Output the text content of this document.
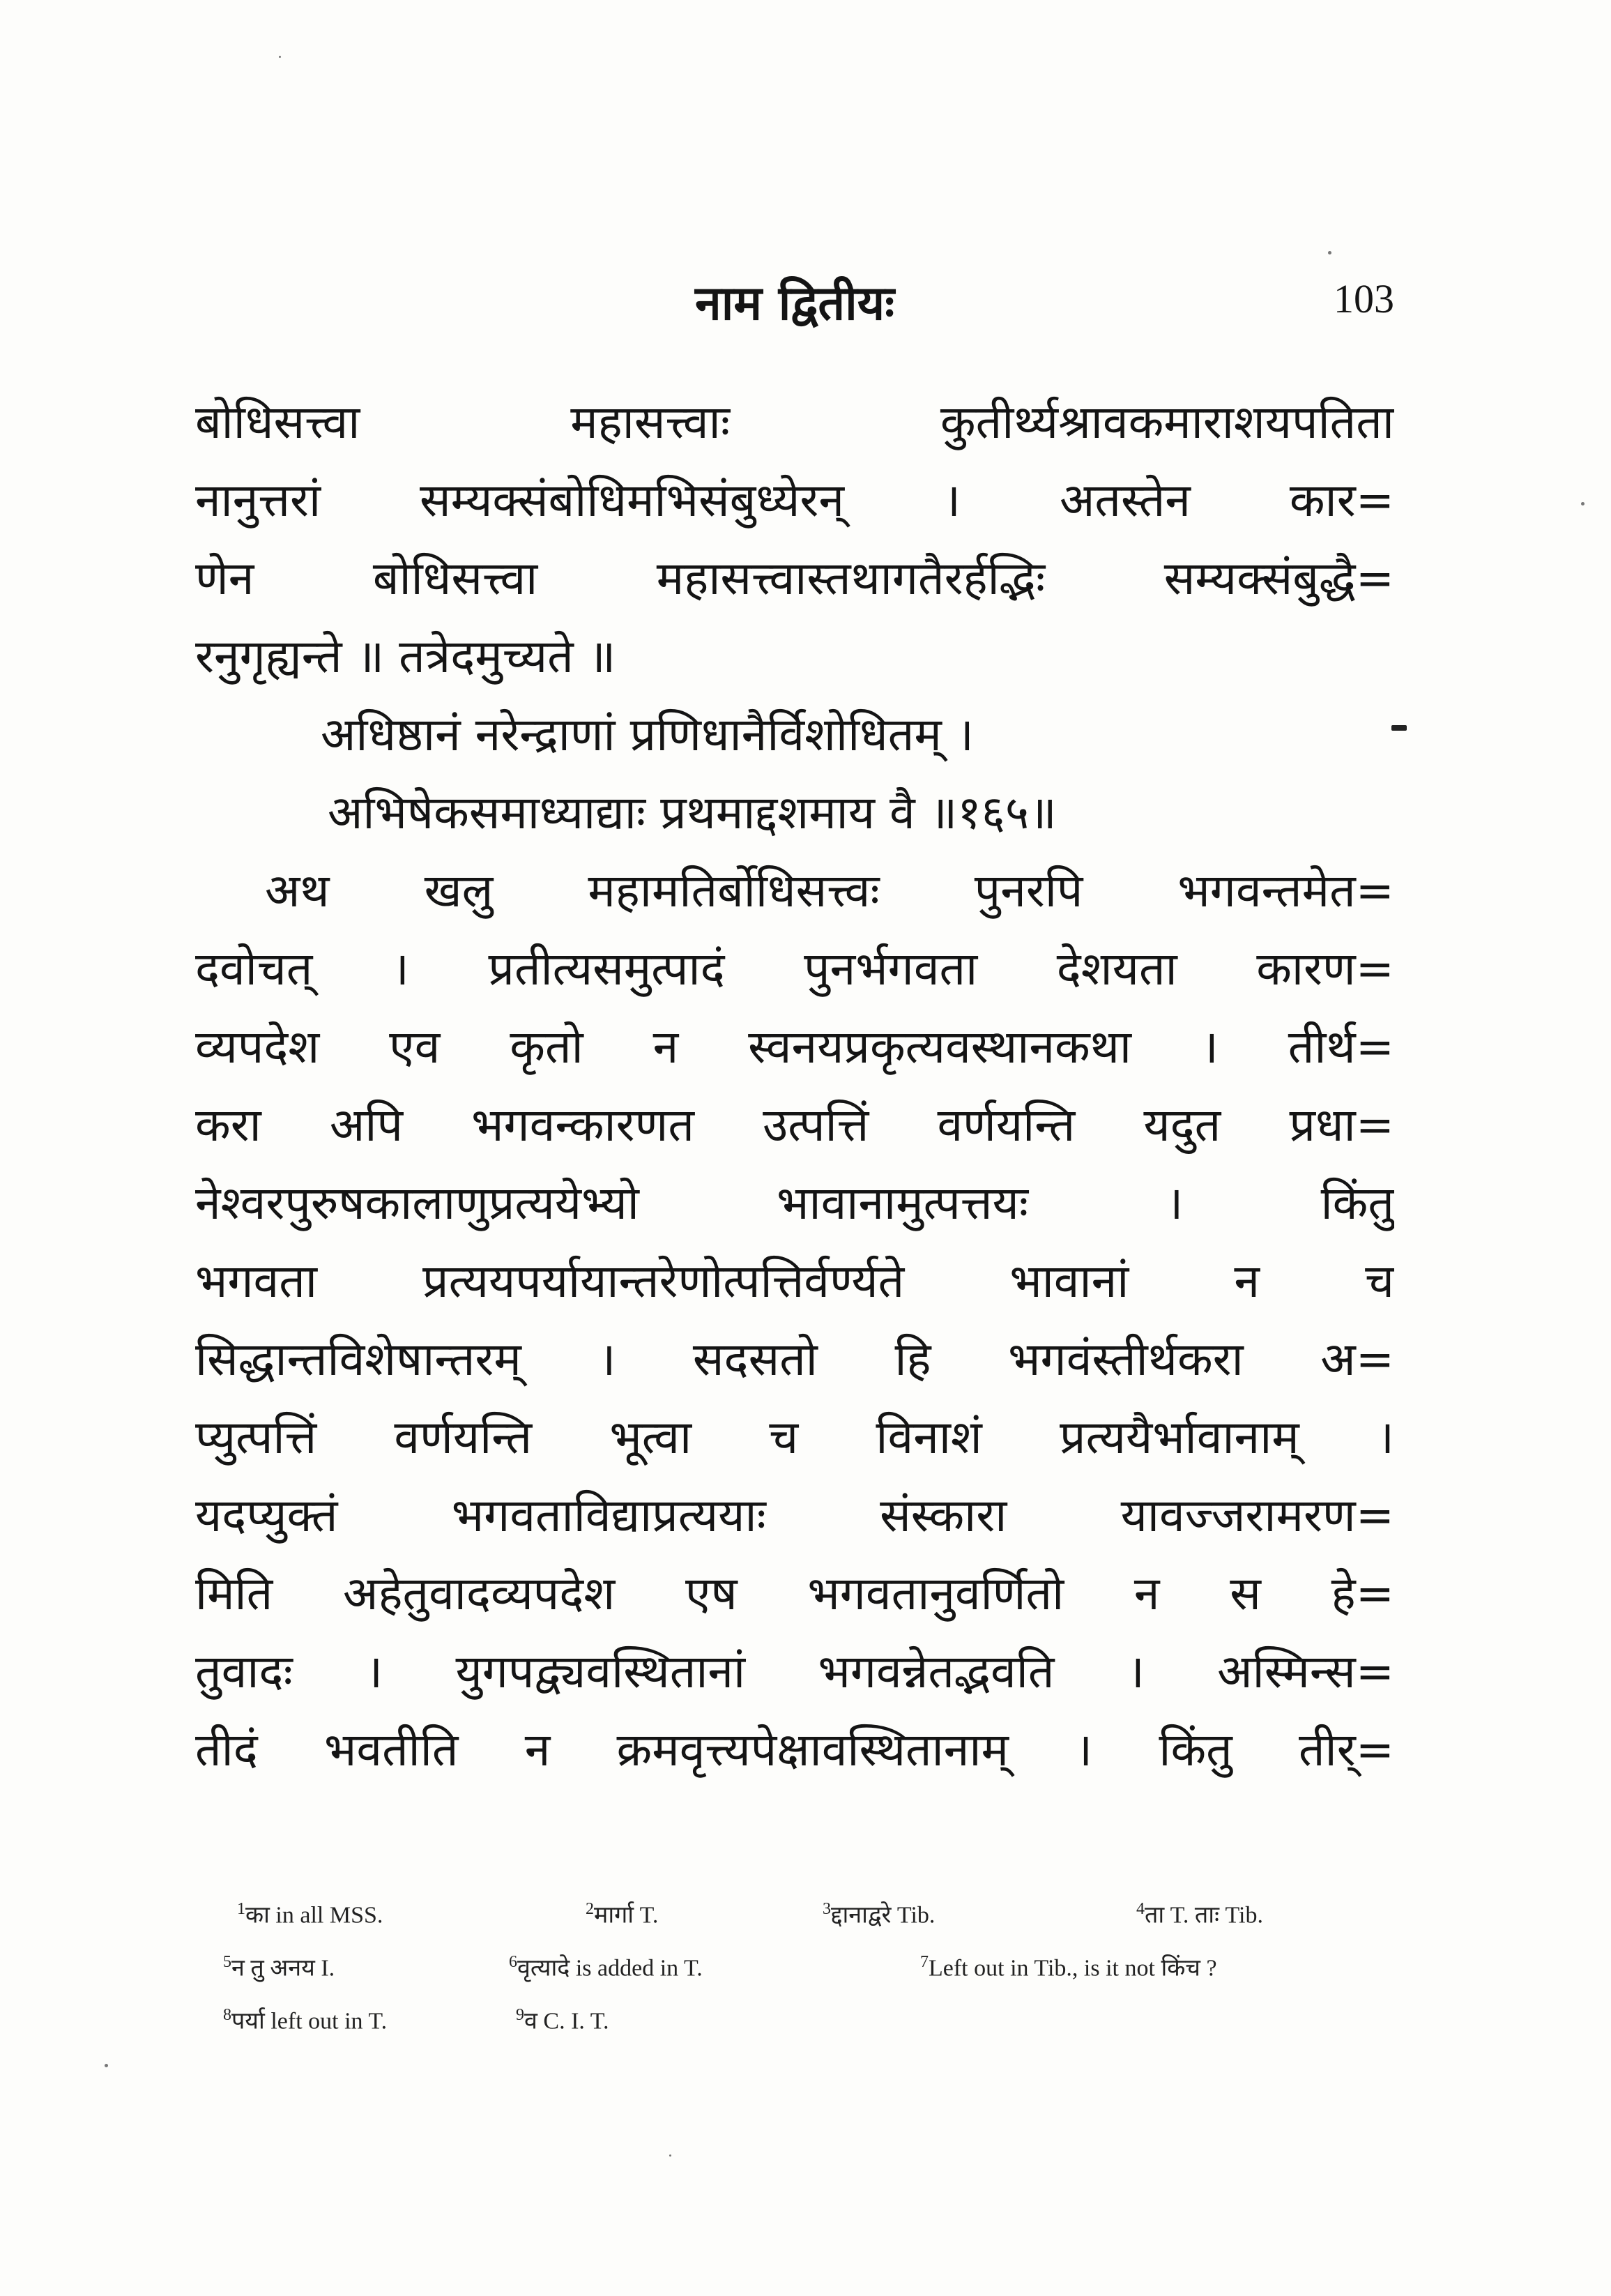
नाम द्वितीयः	103
बोधिसत्त्वा महासत्त्वाः कुतीर्थ्यश्रावकमाराशयपतिता
नानुत्तरां सम्यक्संबोधिमभिसंबुध्येरन् । अतस्तेन कार=
णेन बोधिसत्त्वा महासत्त्वास्तथागतैरर्हद्भिः सम्यक्संबुद्धै=
रनुगृह्यन्ते ॥ तत्रेदमुच्यते ॥
अधिष्ठानं नरेन्द्राणां प्रणिधानैर्विशोधितम् ।
अभिषेकसमाध्याद्याः प्रथमाद्दशमाय वै ॥१६५॥
अथ खलु महामतिर्बोधिसत्त्वः पुनरपि भगवन्तमेत=
दवोचत् । प्रतीत्यसमुत्पादं पुनर्भगवता देशयता कारण=
व्यपदेश एव कृतो न स्वनयप्रकृत्यवस्थानकथा । तीर्थ=
करा अपि भगवन्कारणत उत्पत्तिं वर्णयन्ति यदुत प्रधा=
नेश्वरपुरुषकालाणुप्रत्ययेभ्यो भावानामुत्पत्तयः । किंतु
भगवता प्रत्ययपर्यायान्तरेणोत्पत्तिर्वर्ण्यते भावानां न च
सिद्धान्तविशेषान्तरम् । सदसतो हि भगवंस्तीर्थकरा अ=
प्युत्पत्तिं वर्णयन्ति भूत्वा च विनाशं प्रत्ययैर्भावानाम् ।
यदप्युक्तं भगवताविद्याप्रत्ययाः संस्कारा यावज्जरामरण=
मिति अहेतुवादव्यपदेश एष भगवतानुवर्णितो न स हे=
तुवादः । युगपद्व्यवस्थितानां भगवन्नेतद्भवति । अस्मिन्स=
तीदं भवतीति न क्रमवृत्त्यपेक्षावस्थितानाम् । किंतु तीर्=
$^1$का in all MSS.	$^2$मार्गा T.	$^3$द्दानाद्वरे Tib.	$^4$ता T. ताः Tib.
$^5$न तु अनय I.	$^6$वृत्यादे is added in T.	$^7$Left out in Tib., is it not किंच ?
$^8$पर्या left out in T.	$^9$व C. I. T.
